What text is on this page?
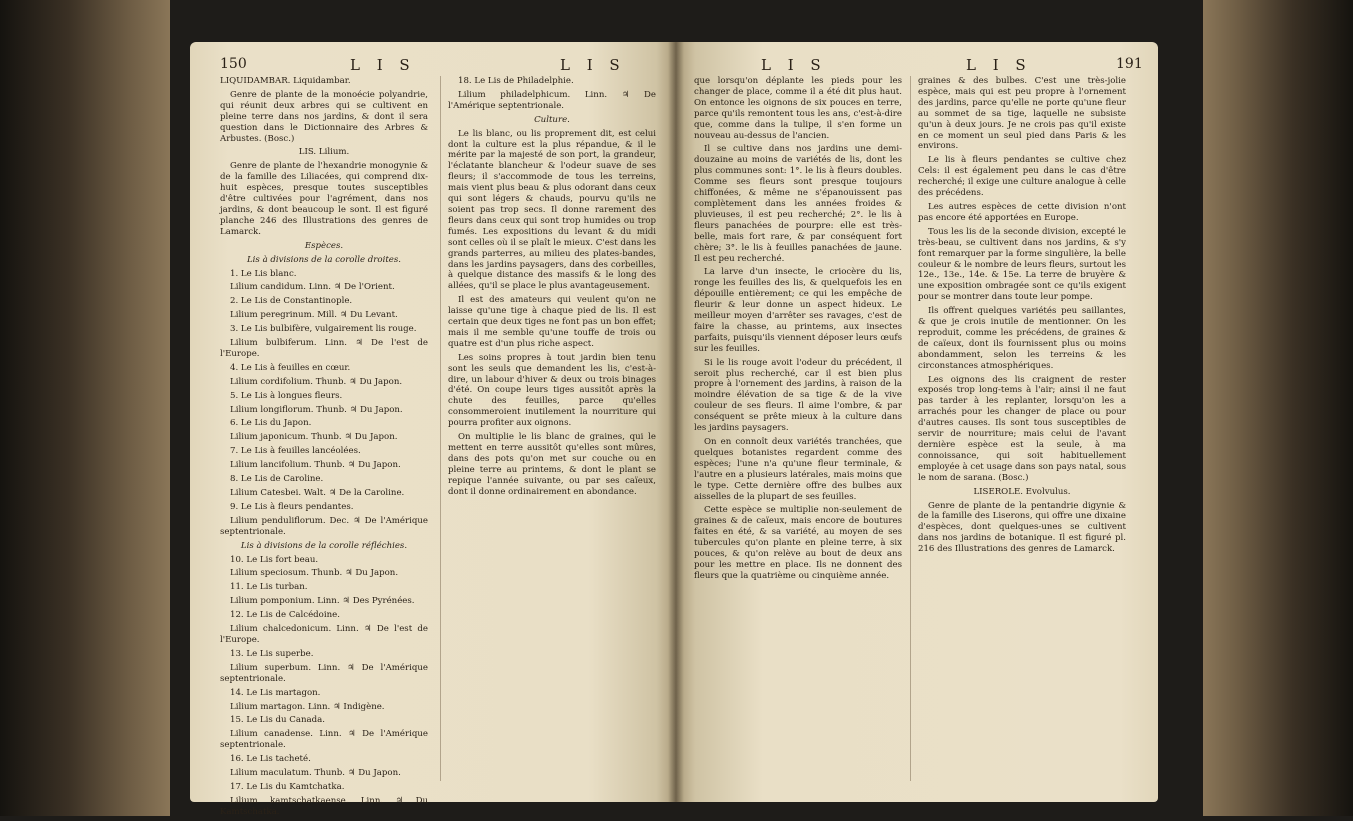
150	L I S	L I S

LIQUIDAMBAR. Liquidambar.

Genre de plante de la monoécie polyandrie, qui réunit deux arbres qui se cultivent en pleine terre dans nos jardins, & dont il sera question dans le Dictionnaire des Arbres & Arbustes. (Bosc.)

LIS. Lilium.

Genre de plante de l'hexandrie monogynie & de la famille des Liliacées, qui comprend dix-huit espèces, presque toutes susceptibles d'être cultivées pour l'agrément, dans nos jardins, & dont beaucoup le sont. Il est figuré planche 246 des Illustrations des genres de Lamarck.

Espèces.

Lis à divisions de la corolle droites.

1. Le Lis blanc.

Lilium candidum. Linn. ♃ De l'Orient.

2. Le Lis de Constantinople.

Lilium peregrinum. Mill. ♃ Du Levant.

3. Le Lis bulbifère, vulgairement lis rouge.

Lilium bulbiferum. Linn. ♃ De l'est de l'Europe.

4. Le Lis à feuilles en cœur.

Lilium cordifolium. Thunb. ♃ Du Japon.

5. Le Lis à longues fleurs.

Lilium longiflorum. Thunb. ♃ Du Japon.

6. Le Lis du Japon.

Lilium japonicum. Thunb. ♃ Du Japon.

7. Le Lis à feuilles lancéolées.

Lilium lancifolium. Thunb. ♃ Du Japon.

8. Le Lis de Caroline.

Lilium Catesbei. Walt. ♃ De la Caroline.

9. Le Lis à fleurs pendantes.

Lilium penduliflorum. Dec. ♃ De l'Amérique septentrionale.

Lis à divisions de la corolle réfléchies.

10. Le Lis fort beau.

Lilium speciosum. Thunb. ♃ Du Japon.

11. Le Lis turban.

Lilium pomponium. Linn. ♃ Des Pyrénées.

12. Le Lis de Calcédoine.

Lilium chalcedonicum. Linn. ♃ De l'est de l'Europe.

13. Le Lis superbe.

Lilium superbum. Linn. ♃ De l'Amérique septentrionale.

14. Le Lis martagon.

Lilium martagon. Linn. ♃ Indigène.

15. Le Lis du Canada.

Lilium canadense. Linn. ♃ De l'Amérique septentrionale.

16. Le Lis tacheté.

Lilium maculatum. Thunb. ♃ Du Japon.

17. Le Lis du Kamtchatka.

Lilium kamtschatkaense. Linn. ♃ Du Kamtschatka.

18. Le Lis de Philadelphie.

Lilium philadelphicum. Linn. ♃ De l'Amérique septentrionale.

Culture.

Le lis blanc, ou lis proprement dit, est celui dont la culture est la plus répandue, & il le mérite par la majesté de son port, la grandeur, l'éclatante blancheur & l'odeur suave de ses fleurs; il s'accommode de tous les terreins, mais vient plus beau & plus odorant dans ceux qui sont légers & chauds, pourvu qu'ils ne soient pas trop secs. Il donne rarement des fleurs dans ceux qui sont trop humides ou trop fumés. Les expositions du levant & du midi sont celles où il se plaît le mieux. C'est dans les grands parterres, au milieu des plates-bandes, dans les jardins paysagers, dans des corbeilles, à quelque distance des massifs & le long des allées, qu'il se place le plus avantageusement.

Il est des amateurs qui veulent qu'on ne laisse qu'une tige à chaque pied de lis. Il est certain que deux tiges ne font pas un bon effet; mais il me semble qu'une touffe de trois ou quatre est d'un plus riche aspect.

Les soins propres à tout jardin bien tenu sont les seuls que demandent les lis, c'est-à-dire, un labour d'hiver & deux ou trois binages d'été. On coupe leurs tiges aussitôt après la chute des feuilles, parce qu'elles consommeroient inutilement la nourriture qui pourra profiter aux oignons.

On multiplie le lis blanc de graines, qui le mettent en terre aussitôt qu'elles sont mûres, dans des pots qu'on met sur couche ou en pleine terre au printems, & dont le plant se repique l'année suivante, ou par ses caïeux, dont il donne ordinairement en abondance.

L I S	L I S	191

que lorsqu'on déplante les pieds pour les changer de place, comme il a été dit plus haut. On entonce les oignons de six pouces en terre, parce qu'ils remontent tous les ans, c'est-à-dire que, comme dans la tulipe, il s'en forme un nouveau au-dessus de l'ancien.

Il se cultive dans nos jardins une demi-douzaine au moins de variétés de lis, dont les plus communes sont: 1°. le lis à fleurs doubles. Comme ses fleurs sont presque toujours chiffonées, & même ne s'épanouissent pas complètement dans les années froides & pluvieuses, il est peu recherché; 2°. le lis à fleurs panachées de pourpre: elle est très-belle, mais fort rare, & par conséquent fort chère; 3°. le lis à feuilles panachées de jaune. Il est peu recherché.

La larve d'un insecte, le criocère du lis, ronge les feuilles des lis, & quelquefois les en dépouille entièrement; ce qui les empêche de fleurir & leur donne un aspect hideux. Le meilleur moyen d'arrêter ses ravages, c'est de faire la chasse, au printems, aux insectes parfaits, puisqu'ils viennent déposer leurs œufs sur les feuilles.

Si le lis rouge avoit l'odeur du précédent, il seroit plus recherché, car il est bien plus propre à l'ornement des jardins, à raison de la moindre élévation de sa tige & de la vive couleur de ses fleurs. Il aime l'ombre, & par conséquent se prête mieux à la culture dans les jardins paysagers.

On en connoît deux variétés tranchées, que quelques botanistes regardent comme des espèces; l'une n'a qu'une fleur terminale, & l'autre en a plusieurs latérales, mais moins que le type. Cette dernière offre des bulbes aux aisselles de la plupart de ses feuilles.

Cette espèce se multiplie non-seulement de graines & de caïeux, mais encore de boutures faites en été, & sa variété, au moyen de ses tubercules qu'on plante en pleine terre, à six pouces, & qu'on relève au bout de deux ans pour les mettre en place. Ils ne donnent des fleurs que la quatrième ou cinquième année.

graines & des bulbes. C'est une très-jolie espèce, mais qui est peu propre à l'ornement des jardins, parce qu'elle ne porte qu'une fleur au sommet de sa tige, laquelle ne subsiste qu'un à deux jours. Je ne crois pas qu'il existe en ce moment un seul pied dans Paris & les environs.

Le lis à fleurs pendantes se cultive chez Cels: il est également peu dans le cas d'être recherché; il exige une culture analogue à celle des précédens.

Les autres espèces de cette division n'ont pas encore été apportées en Europe.

Tous les lis de la seconde division, excepté le très-beau, se cultivent dans nos jardins, & s'y font remarquer par la forme singulière, la belle couleur & le nombre de leurs fleurs, surtout les 12e., 13e., 14e. & 15e. La terre de bruyère & une exposition ombragée sont ce qu'ils exigent pour se montrer dans toute leur pompe.

Ils offrent quelques variétés peu saillantes, & que je crois inutile de mentionner. On les reproduit, comme les précédens, de graines & de caïeux, dont ils fournissent plus ou moins abondamment, selon les terreins & les circonstances atmosphériques.

Les oignons des lis craignent de rester exposés trop long-tems à l'air; ainsi il ne faut pas tarder à les replanter, lorsqu'on les a arrachés pour les changer de place ou pour d'autres causes. Ils sont tous susceptibles de servir de nourriture; mais celui de l'avant dernière espèce est la seule, à ma connoissance, qui soit habituellement employée à cet usage dans son pays natal, sous le nom de sarana. (Bosc.)

LISEROLE. Evolvulus.

Genre de plante de la pentandrie digynie & de la famille des Liserons, qui offre une dixaine d'espèces, dont quelques-unes se cultivent dans nos jardins de botanique. Il est figuré pl. 216 des Illustrations des genres de Lamarck.
